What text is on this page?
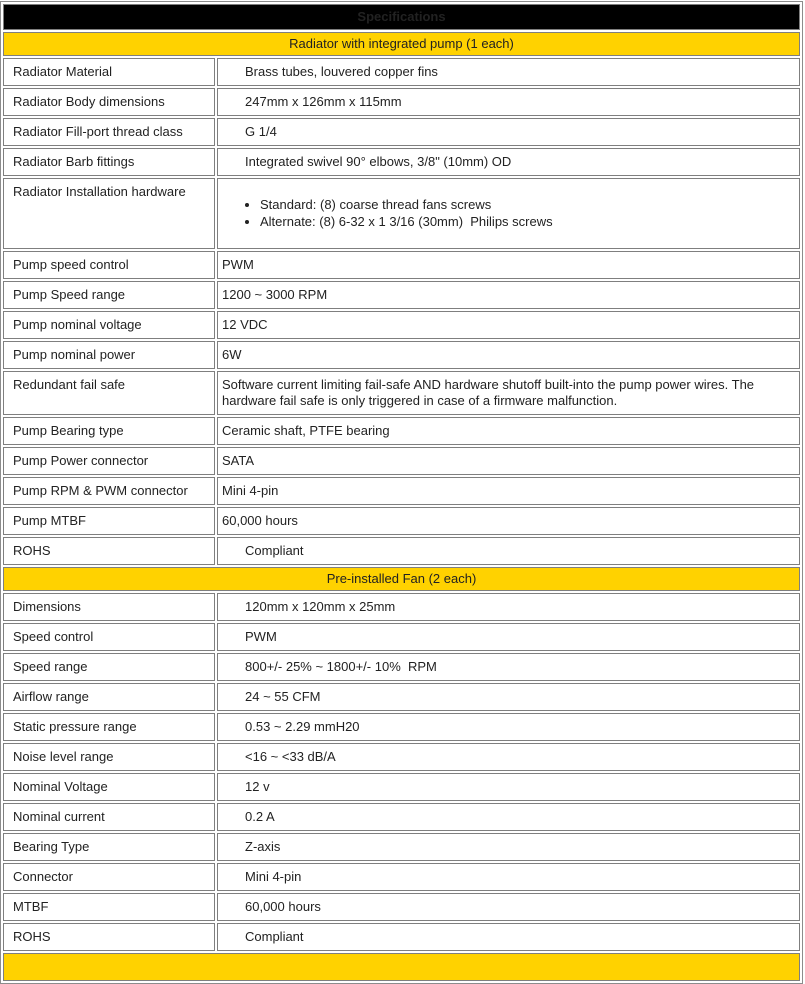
Specifications	
Radiator with integrated pump (1 each)	
Radiator Material	Brass tubes, louvered copper fins
Radiator Body dimensions	247mm x 126mm x 115mm
Radiator Fill-port thread class	G 1/4
Radiator Barb fittings	Integrated swivel 90° elbows, 3/8" (10mm) OD
Radiator Installation hardware	
• Standard: (8) coarse thread fans screws
• Alternate: (8) 6-32 x 1 3/16 (30mm)  Philips screws

Pump speed control	PWM
Pump Speed range	1200 ~ 3000 RPM
Pump nominal voltage	12 VDC
Pump nominal power	6W
Redundant fail safe	Software current limiting fail-safe AND hardware shutoff built-into the pump power wires. The hardware fail safe is only triggered in case of a firmware malfunction.
Pump Bearing type	Ceramic shaft, PTFE bearing
Pump Power connector	SATA
Pump RPM & PWM connector	Mini 4-pin
Pump MTBF	60,000 hours
ROHS	Compliant
Pre-installed Fan (2 each)	
Dimensions	120mm x 120mm x 25mm
Speed control	PWM
Speed range	800+/- 25% ~ 1800+/- 10%  RPM
Airflow range	24 ~ 55 CFM
Static pressure range	0.53 ~ 2.29 mmH20
Noise level range	<16 ~ <33 dB/A
Nominal Voltage	12 v
Nominal current	0.2 A
Bearing Type	Z-axis
Connector	Mini 4-pin
MTBF	60,000 hours
ROHS	Compliant
